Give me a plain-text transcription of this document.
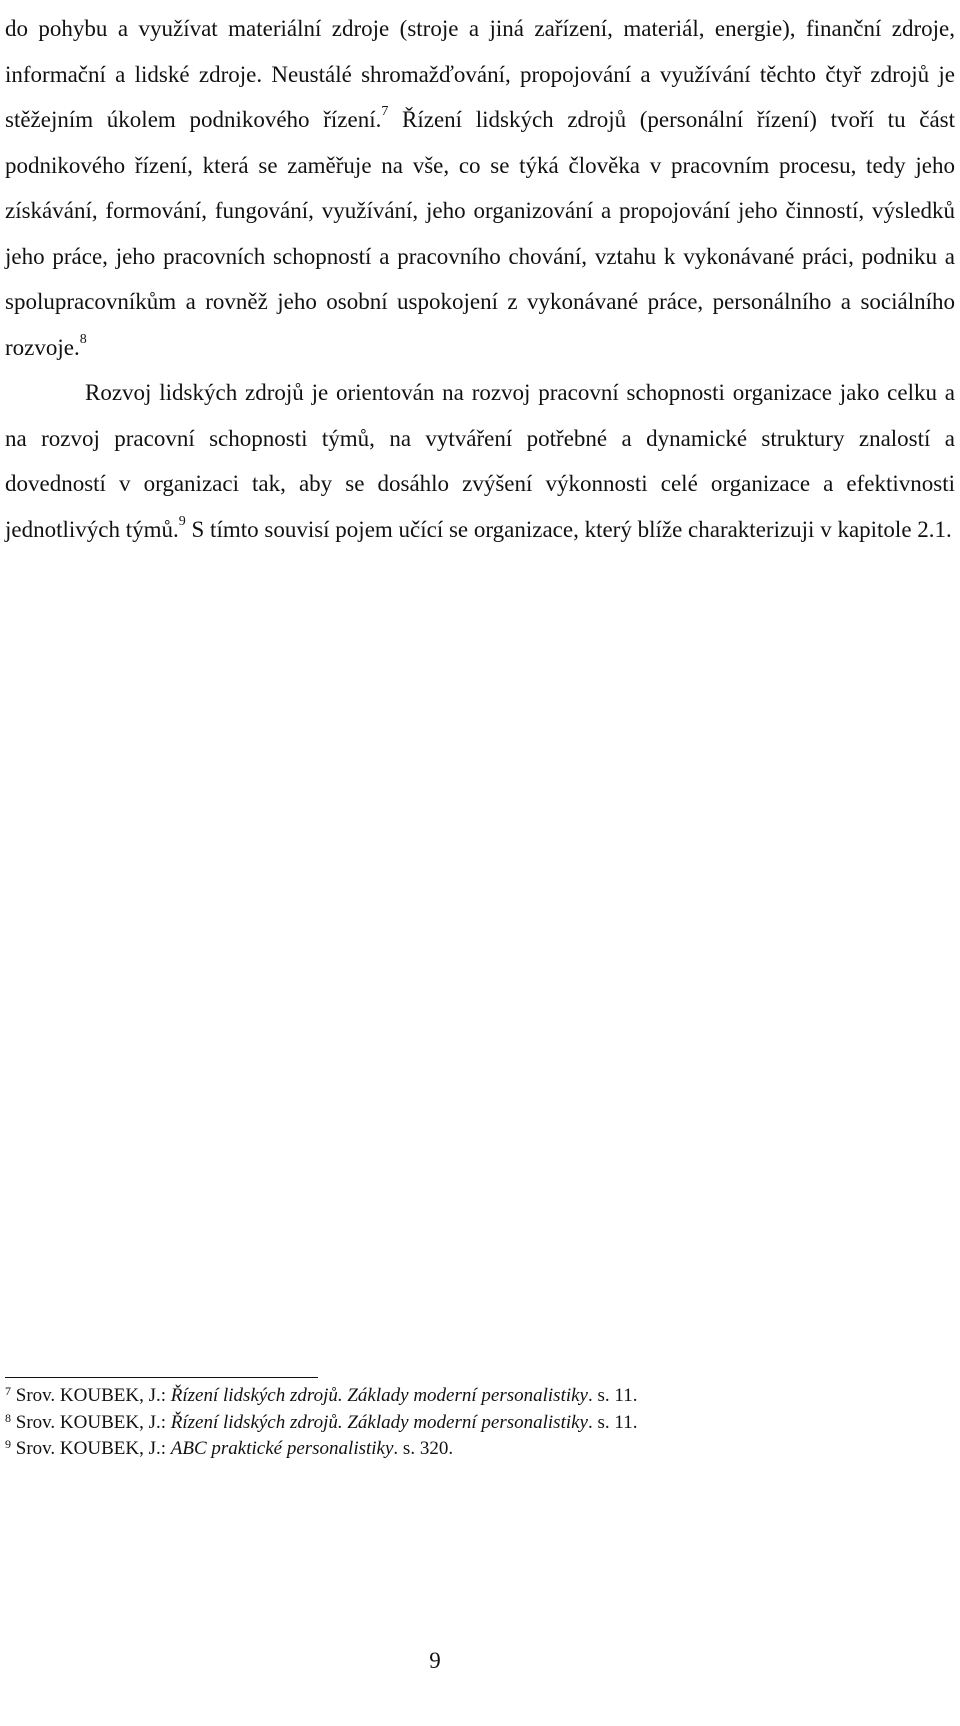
do pohybu a využívat materiální zdroje (stroje a jiná zařízení, materiál, energie), finanční zdroje, informační a lidské zdroje. Neustálé shromažďování, propojování a využívání těchto čtyř zdrojů je stěžejním úkolem podnikového řízení.$^7$ Řízení lidských zdrojů (personální řízení) tvoří tu část podnikového řízení, která se zaměřuje na vše, co se týká člověka v pracovním procesu, tedy jeho získávání, formování, fungování, využívání, jeho organizování a propojování jeho činností, výsledků jeho práce, jeho pracovních schopností a pracovního chování, vztahu k vykonávané práci, podniku a spolupracovníkům a rovněž jeho osobní uspokojení z vykonávané práce, personálního a sociálního rozvoje.$^8$

Rozvoj lidských zdrojů je orientován na rozvoj pracovní schopnosti organizace jako celku a na rozvoj pracovní schopnosti týmů, na vytváření potřebné a dynamické struktury znalostí a dovedností v organizaci tak, aby se dosáhlo zvýšení výkonnosti celé organizace a efektivnosti jednotlivých týmů.$^9$ S tímto souvisí pojem učící se organizace, který blíže charakterizuji v kapitole 2.1.

$^7$ Srov. KOUBEK, J.: Řízení lidských zdrojů. Základy moderní personalistiky. s. 11.

$^8$ Srov. KOUBEK, J.: Řízení lidských zdrojů. Základy moderní personalistiky. s. 11.

$^9$ Srov. KOUBEK, J.: ABC praktické personalistiky. s. 320.

9
